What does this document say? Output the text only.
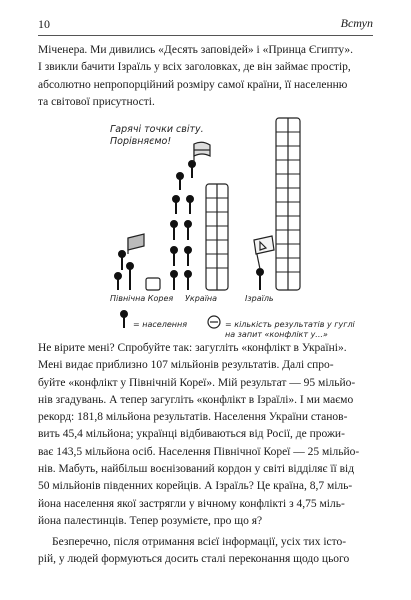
10	Вступ

Міченера. Ми дивились «Десять заповідей» і «Принца Єгипту».
І звикли бачити Ізраїль у всіх заголовках, де він займає простір,
абсолютно непропорційний розміру самої країни, її населенню
та світової присутності.

Гарячі точки світу.
Порівняємо!
Північна Корея Україна	Ізраїль
= населення	= кількість результатів у гуглі
на запит «конфлікт у...»

Не вірите мені? Спробуйте так: загугліть «конфлікт в Україні».
Мені видає приблизно 107 мільйонів результатів. Далі спро-
буйте «конфлікт у Північній Кореї». Мій результат — 95 мільйо-
нів згадувань. А тепер загугліть «конфлікт в Ізраїлі». І ми маємо
рекорд: 181,8 мільйона результатів. Населення України станов-
вить 45,4 мільйона; українці відбиваються від Росії, де прожи-
ває 143,5 мільйона осіб. Населення Північної Кореї — 25 мільйо-
нів. Мабуть, найбільш воєнізований кордон у світі відділяє її від
50 мільйонів південних корейців. А Ізраїль? Це країна, 8,7 міль-
йона населення якої застрягли у вічному конфлікті з 4,75 міль-
йона палестинців. Тепер розумієте, про що я?

Безперечно, після отримання всієї інформації, усіх тих істо-
рій, у людей формуються досить сталі переконання щодо цього
